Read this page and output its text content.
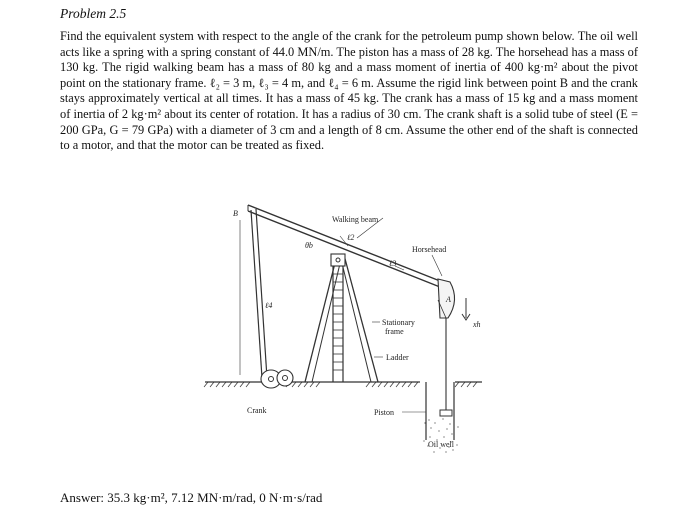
Problem 2.5

Find the equivalent system with respect to the angle of the crank for the petroleum pump shown below. The oil well acts like a spring with a spring constant of 44.0 MN/m. The piston has a mass of 28 kg. The horsehead has a mass of 130 kg. The rigid walking beam has a mass of 80 kg and a mass moment of inertia of 400 kg·m² about the pivot point on the stationary frame. ℓ₂ = 3 m, ℓ₃ = 4 m, and ℓ₄ = 6 m. Assume the rigid link between point B and the crank stays approximately vertical at all times. It has a mass of 45 kg. The crank has a mass of 15 kg and a mass moment of inertia of 2 kg·m² about its center of rotation. It has a radius of 30 cm. The crank shaft is a solid tube of steel (E = 200 GPa, G = 79 GPa) with a diameter of 3 cm and a length of 8 cm. Assume the other end of the shaft is connected to a motor, and that the motor can be treated as fixed.

B
Walking beam
θb
ℓ2
ℓ3
Horsehead
A
xh
ℓ4
Stationary
frame
Ladder
Crank	Piston
Oil well
Answer: 35.3 kg·m², 7.12 MN·m/rad, 0 N·m·s/rad
